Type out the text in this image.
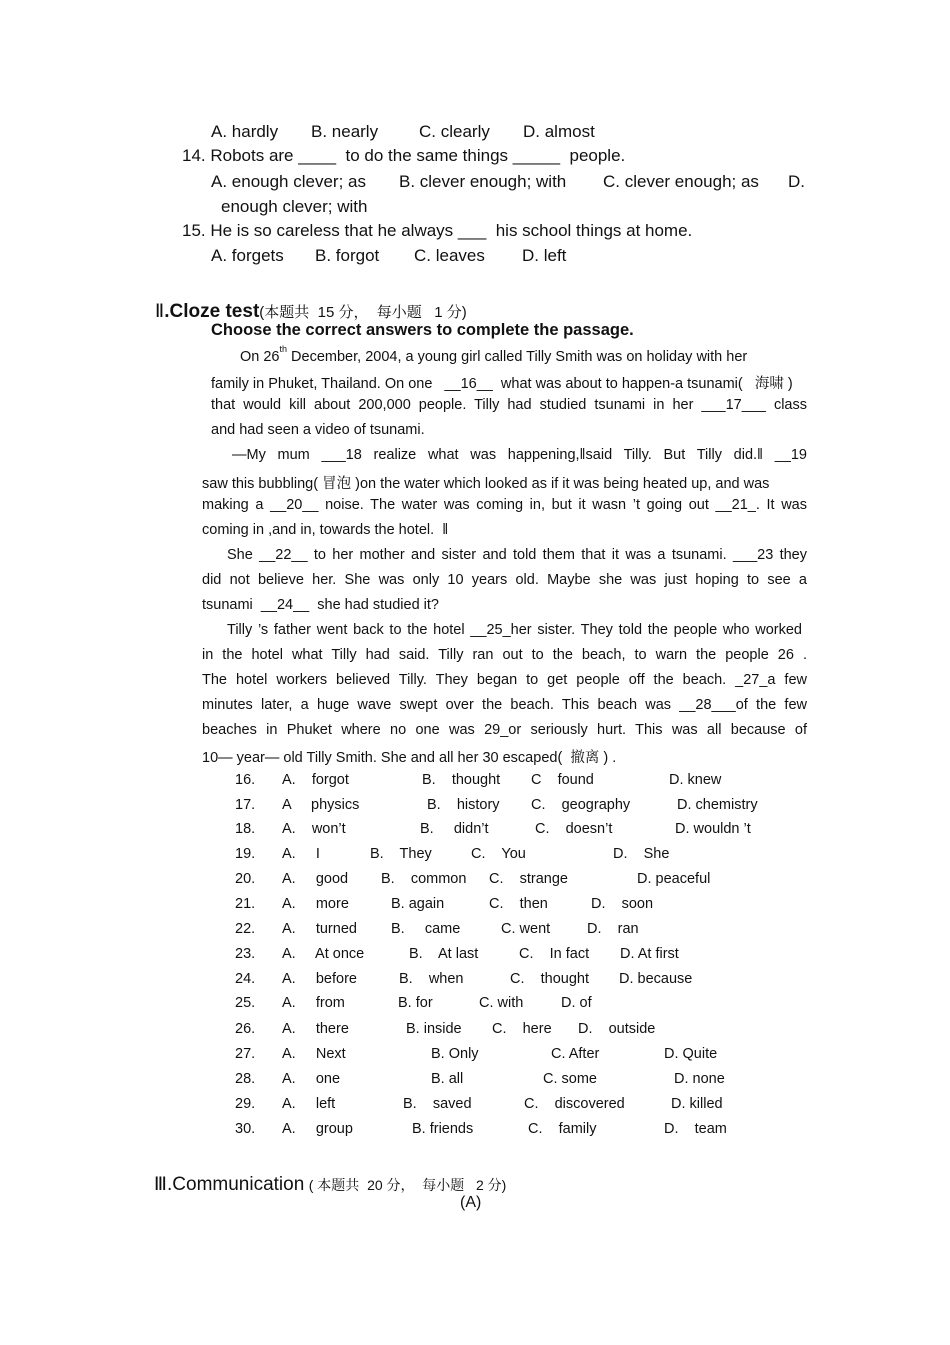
A. hardly B. nearly C. clearly D. almost
14. Robots are ____  to do the same things _____  people.
A. enough clever; as B. clever enough; with C. clever enough; as D.
enough clever; with
15. He is so careless that he always ___  his school things at home.
A. forgets B. forgot C. leaves D. left

Ⅱ.Cloze test(本题共  15 分，  每小题   1 分)

Choose the correct answers to complete the passage.
On 26th December, 2004, a young girl called Tilly Smith was on holiday with her
family in Phuket, Thailand. On one   __16__  what was about to happen-a tsunami(   海啸 )
that would kill about 200,000 people. Tilly had studied tsunami in her ___17___ class
and had seen a video of tsunami.
―My mum ___18 realize what was happening,‖said Tilly. But Tilly did.‖ __19
saw this bubbling( 冒泡 )on the water which looked as if it was being heated up, and was
making a __20__ noise. The water was coming in, but it wasn ’t going out __21_. It was
coming in ,and in, towards the hotel.  ‖
She __22__ to her mother and sister and told them that it was a tsunami. ___23 they
did not believe her. She was only 10 years old. Maybe she was just hoping to see a
tsunami  __24__  she had studied it?
Tilly ’s father went back to the hotel __25_her sister. They told the people who worked
in the hotel what Tilly had said. Tilly ran out to the beach, to warn the people 26 .
The hotel workers believed Tilly. They began to get people off the beach. _27_a few
minutes later, a huge wave swept over the beach. This beach was __28___of the few
beaches in Phuket where no one was 29_or seriously hurt. This was all because of
10— year— old Tilly Smith. She and all her 30 escaped(  撤离 ) .
16. A.    forgot	B.    thought C    found	D. knew
17. A     physics	B.    history C.    geography	D. chemistry
18. A.    won’t	B.     didn’t	C.    doesn’t	D. wouldn ’t
19. A.     I	B.    They	C.    You	D.    She
20. A.     good B.    common C.    strange	D. peaceful
21. A.     more	B. again	C.    then	D.    soon
22. A.     turned B.     came	C. went	D.    ran
23. A.     At once	B.    At last	C.    In fact D. At first
24. A.     before	B.    when	C.    thought D. because
25. A.     from	B. for	C. with	D. of
26. A.     there	B. inside C.    here D.    outside
27. A.     Next	B. Only	C. After	D. Quite
28. A.     one	B. all	C. some	D. none
29. A.     left	B.    saved	C.    discovered	D. killed
30. A.     group	B. friends	C.    family	D.    team

Ⅲ.Communication ( 本题共  20 分，  每小题   2 分)

(A)
